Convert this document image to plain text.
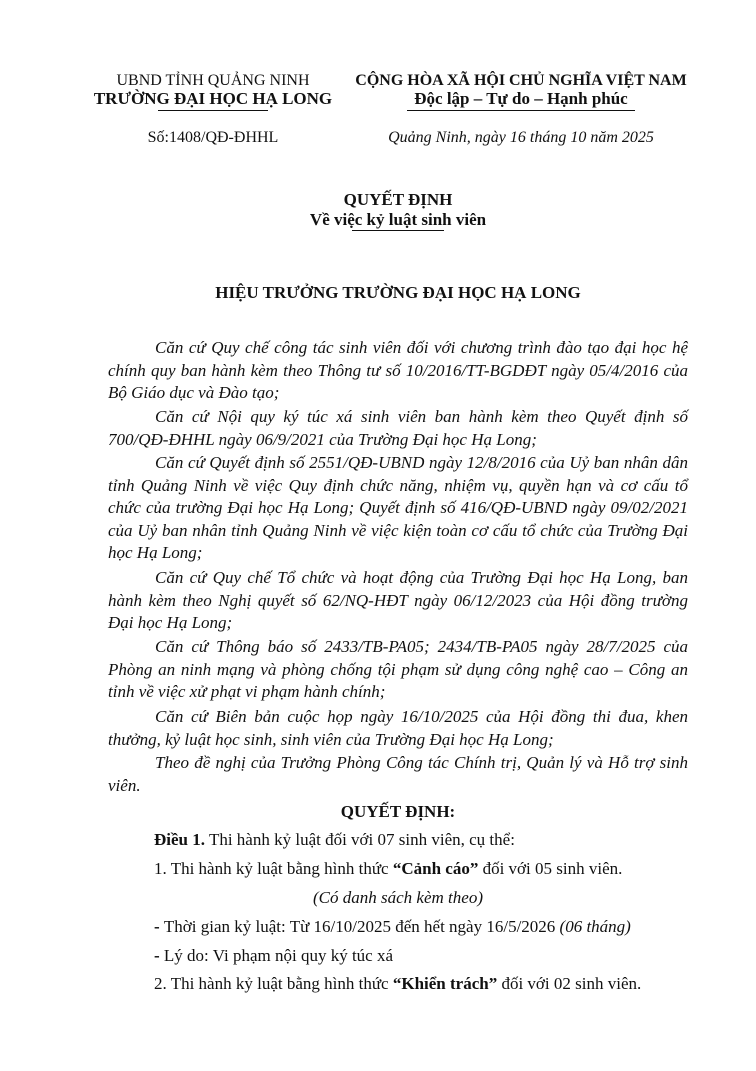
UBND TỈNH QUẢNG NINH
TRƯỜNG ĐẠI HỌC HẠ LONG
Số:1408/QĐ-ĐHHL
CỘNG HÒA XÃ HỘI CHỦ NGHĨA VIỆT NAM
Độc lập – Tự do – Hạnh phúc
Quảng Ninh, ngày 16 tháng 10 năm 2025
QUYẾT ĐỊNH
Về việc kỷ luật sinh viên
HIỆU TRƯỞNG TRƯỜNG ĐẠI HỌC HẠ LONG
Căn cứ Quy chế công tác sinh viên đối với chương trình đào tạo đại học hệ chính quy ban hành kèm theo Thông tư số 10/2016/TT-BGDĐT ngày 05/4/2016 của Bộ Giáo dục và Đào tạo;
Căn cứ Nội quy ký túc xá sinh viên ban hành kèm theo Quyết định số 700/QĐ-ĐHHL ngày 06/9/2021 của Trường Đại học Hạ Long;
Căn cứ Quyết định số 2551/QĐ-UBND ngày 12/8/2016 của Uỷ ban nhân dân tỉnh Quảng Ninh về việc Quy định chức năng, nhiệm vụ, quyền hạn và cơ cấu tổ chức của trường Đại học Hạ Long; Quyết định số 416/QĐ-UBND ngày 09/02/2021 của Uỷ ban nhân tỉnh Quảng Ninh về việc kiện toàn cơ cấu tổ chức của Trường Đại học Hạ Long;
Căn cứ Quy chế Tổ chức và hoạt động của Trường Đại học Hạ Long, ban hành kèm theo Nghị quyết số 62/NQ-HĐT ngày 06/12/2023 của Hội đồng trường Đại học Hạ Long;
Căn cứ Thông báo số 2433/TB-PA05; 2434/TB-PA05 ngày 28/7/2025 của Phòng an ninh mạng và phòng chống tội phạm sử dụng công nghệ cao – Công an tỉnh về việc xử phạt vi phạm hành chính;
Căn cứ Biên bản cuộc họp ngày 16/10/2025 của Hội đồng thi đua, khen thưởng, kỷ luật học sinh, sinh viên của Trường Đại học Hạ Long;
Theo đề nghị của Trưởng Phòng Công tác Chính trị, Quản lý và Hỗ trợ sinh viên.
QUYẾT ĐỊNH:
Điều 1. Thi hành kỷ luật đối với 07 sinh viên, cụ thể:
1. Thi hành kỷ luật bằng hình thức “Cảnh cáo” đối với 05 sinh viên.
(Có danh sách kèm theo)
- Thời gian kỷ luật: Từ 16/10/2025 đến hết ngày 16/5/2026 (06 tháng)
- Lý do: Vi phạm nội quy ký túc xá
2. Thi hành kỷ luật bằng hình thức “Khiển trách” đối với 02 sinh viên.
